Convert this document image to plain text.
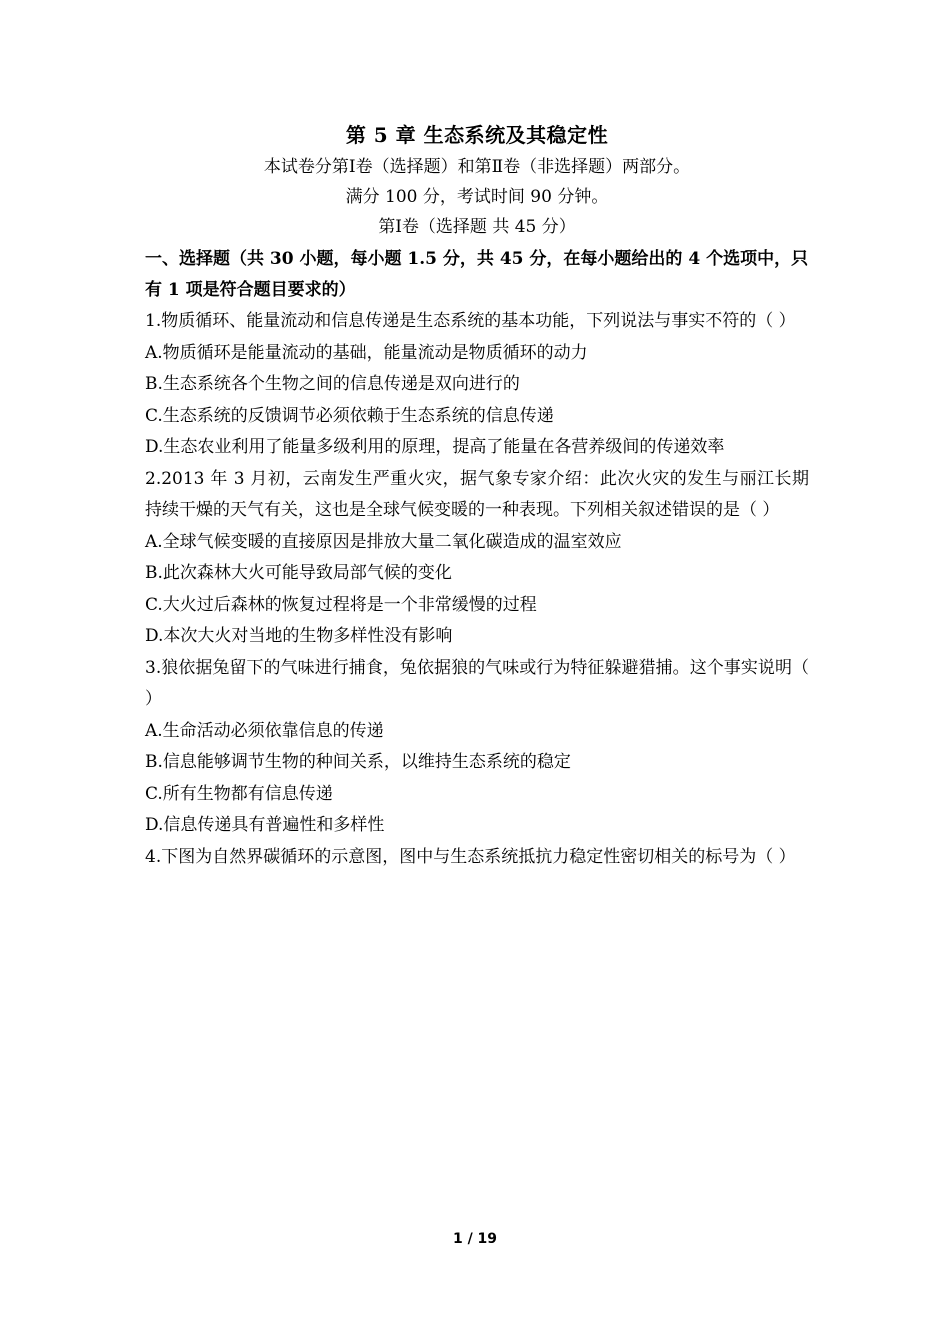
第 5 章 生态系统及其稳定性

本试卷分第Ⅰ卷（选择题）和第Ⅱ卷（非选择题）两部分。

满分 100 分，考试时间 90 分钟。

第Ⅰ卷（选择题 共 45 分）

一、选择题（共 30 小题，每小题 1.5 分，共 45 分，在每小题给出的 4 个选项中，只有 1 项是符合题目要求的）

1.物质循环、能量流动和信息传递是生态系统的基本功能，下列说法与事实不符的（ ）

A.物质循环是能量流动的基础，能量流动是物质循环的动力

B.生态系统各个生物之间的信息传递是双向进行的

C.生态系统的反馈调节必须依赖于生态系统的信息传递

D.生态农业利用了能量多级利用的原理，提高了能量在各营养级间的传递效率

2.2013 年 3 月初，云南发生严重火灾，据气象专家介绍：此次火灾的发生与丽江长期持续干燥的天气有关，这也是全球气候变暖的一种表现。下列相关叙述错误的是（ ）

A.全球气候变暖的直接原因是排放大量二氧化碳造成的温室效应

B.此次森林大火可能导致局部气候的变化

C.大火过后森林的恢复过程将是一个非常缓慢的过程

D.本次大火对当地的生物多样性没有影响

3.狼依据兔留下的气味进行捕食，兔依据狼的气味或行为特征躲避猎捕。这个事实说明（ ）

A.生命活动必须依靠信息的传递

B.信息能够调节生物的种间关系，以维持生态系统的稳定

C.所有生物都有信息传递

D.信息传递具有普遍性和多样性

4.下图为自然界碳循环的示意图，图中与生态系统抵抗力稳定性密切相关的标号为（ ）

1 / 19
